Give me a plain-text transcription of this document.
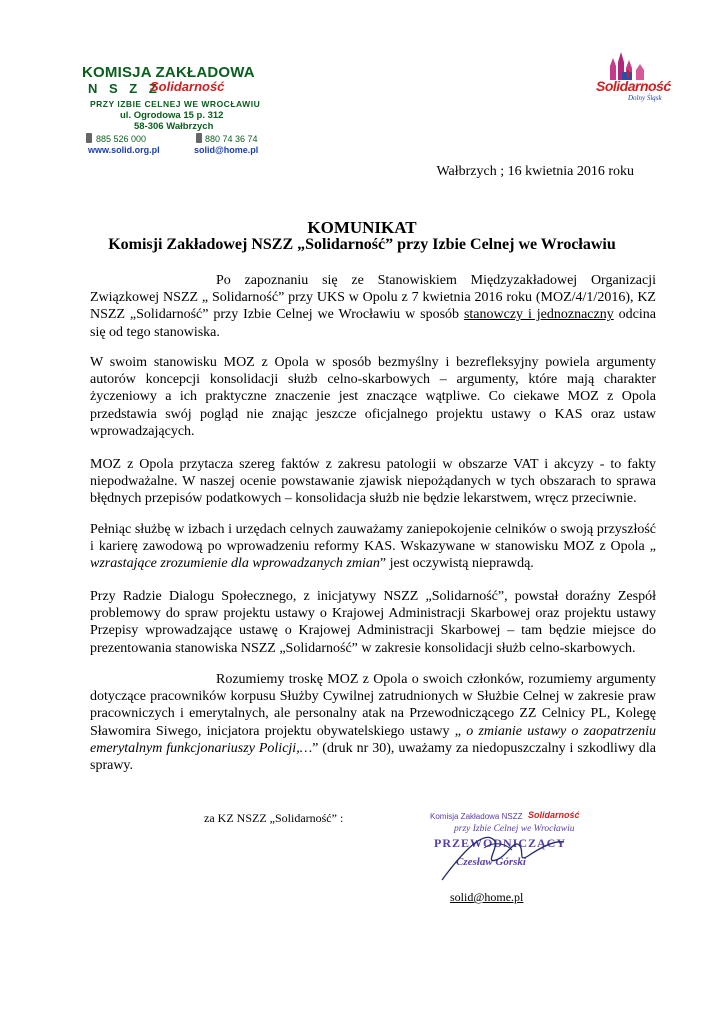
KOMISJA ZAKŁADOWA
N S Z Z
Solidarność
PRZY IZBIE CELNEJ WE WROCŁAWIU
ul. Ogrodowa 15 p. 312
58-306 Wałbrzych
885 526 000	880 74 36 74
www.solid.org.pl	solid@home.pl
Solidarność
Dolny Śląsk
Wałbrzych ; 16 kwietnia 2016 roku
KOMUNIKAT
Komisji Zakładowej NSZZ „Solidarność” przy Izbie Celnej we Wrocławiu

Po zapoznaniu się ze Stanowiskiem Międzyzakładowej Organizacji Związkowej NSZZ „ Solidarność” przy UKS w Opolu z 7 kwietnia 2016 roku (MOZ/4/1/2016), KZ NSZZ „Solidarność” przy Izbie Celnej we Wrocławiu w sposób stanowczy i jednoznaczny odcina się od tego stanowiska.

W swoim stanowisku MOZ z Opola w sposób bezmyślny i bezrefleksyjny powiela argumenty autorów koncepcji konsolidacji służb celno-skarbowych – argumenty, które mają charakter życzeniowy a ich praktyczne znaczenie jest znaczące wątpliwe. Co ciekawe MOZ z Opola przedstawia swój pogląd nie znając jeszcze oficjalnego projektu ustawy o KAS oraz ustaw wprowadzających.

MOZ z Opola przytacza szereg faktów z zakresu patologii w obszarze VAT i akcyzy - to fakty niepodważalne. W naszej ocenie powstawanie zjawisk niepożądanych w tych obszarach to sprawa błędnych przepisów podatkowych – konsolidacja służb nie będzie lekarstwem, wręcz przeciwnie.

Pełniąc służbę w izbach i urzędach celnych zauważamy zaniepokojenie celników o swoją przyszłość i karierę zawodową po wprowadzeniu reformy KAS. Wskazywane w stanowisku MOZ z Opola „ wzrastające zrozumienie dla wprowadzanych zmian” jest oczywistą nieprawdą.

Przy Radzie Dialogu Społecznego, z inicjatywy NSZZ „Solidarność”, powstał doraźny Zespół problemowy do spraw projektu ustawy o Krajowej Administracji Skarbowej oraz projektu ustawy Przepisy wprowadzające ustawę o Krajowej Administracji Skarbowej – tam będzie miejsce do prezentowania stanowiska NSZZ „Solidarność” w zakresie konsolidacji służb celno-skarbowych.

Rozumiemy troskę MOZ z Opola o swoich członków, rozumiemy argumenty dotyczące pracowników korpusu Służby Cywilnej zatrudnionych w Służbie Celnej w zakresie praw pracowniczych i emerytalnych, ale personalny atak na Przewodniczącego ZZ Celnicy PL, Kolegę Sławomira Siwego, inicjatora projektu obywatelskiego ustawy „ o zmianie ustawy o zaopatrzeniu emerytalnym funkcjonariuszy Policji,…” (druk nr 30), uważamy za niedopuszczalny i szkodliwy dla sprawy.

za KZ NSZZ „Solidarność” :	Komisja Zakładowa NSZZ Solidarność
przy Izbie Celnej we Wrocławiu
PRZEWODNICZĄCY
Czesław Górski
solid@home.pl
